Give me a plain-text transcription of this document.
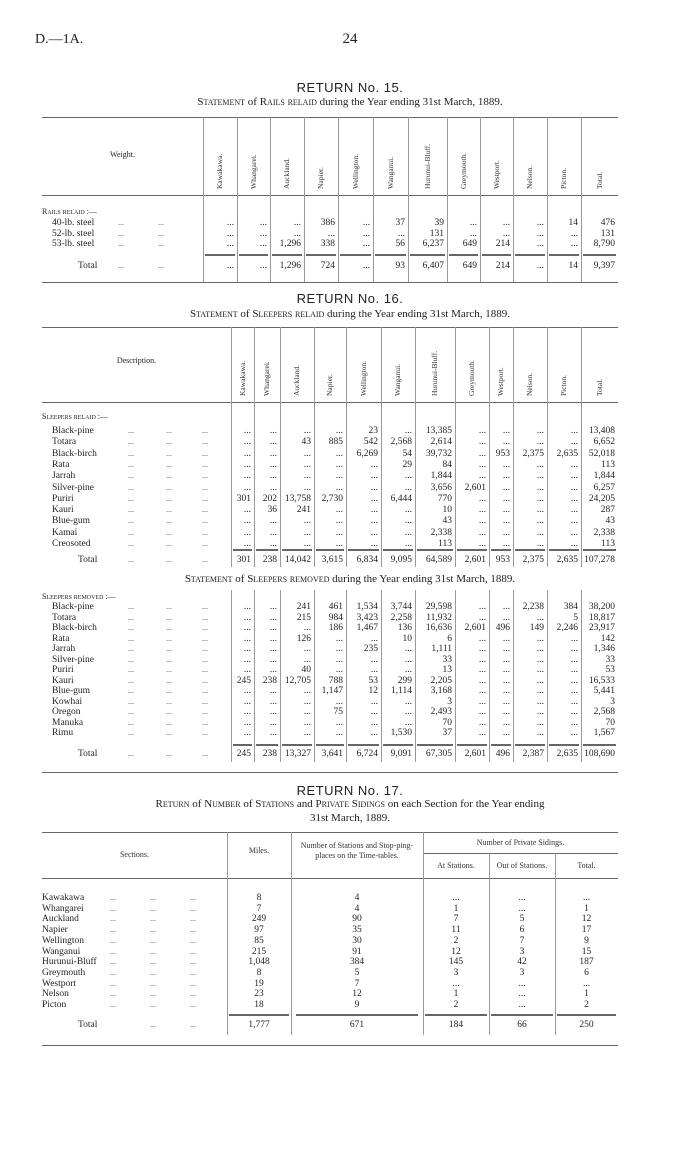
D.—1A.	24
RETURN No. 15.
Statement of Rails relaid during the Year ending 31st March, 1889.
Weight.	Kawakawa.	Whangarei.	Auckland.	Napier.	Wellington.	Wanganui.	Hurunui-Bluff.	Greymouth.	Westport.	Nelson.	Picton.	Total.
Rails relaid :—
40-lb. steel	...	...	...	...	...	386	...	37	39	...	...	...	14	476
52-lb. steel	...	...	...	...	...	...	...	...	131	...	...	...	...	131
53-lb. steel	...	...	...	...	1,296	338	...	56	6,237	649	214	...	...	8,790
Total	...	...	...	...	1,296	724	...	93	6,407	649	214	...	14	9,397
RETURN No. 16.
Statement of Sleepers relaid during the Year ending 31st March, 1889.
Description.
Kawakawa. Whangarei.	Auckland.	Napier.	Wellington.	Wanganui.	Hurunui-Bluff.	Greymouth.	Westport.	Nelson.	Picton.	Total.
Sleepers relaid :—
Black-pine	...	...	...	...	...	...	...	23	...	13,385	...	...	...	...	13,408
Totara	...	...	...	...	...	43	885	542	2,568	2,614	...	...	...	...	6,652
Black-birch	...	...	...	...	...	...	...	6,269	54	39,732	...	953	2,375	2,635	52,018
Rata	...	...	...	...	...	...	...	...	29	84	...	...	...	...	113
Jarrah	...	...	...	...	...	...	...	...	...	1,844	...	...	...	...	1,844
Silver-pine	...	...	...	...	...	...	...	...	...	3,656	2,601	...	...	...	6,257
Puriri	...	...	...	301	202 13,758	2,730	...	6,444	770	...	...	...	...	24,205
Kauri	...	...	...	...	36	241	...	...	...	10	...	...	...	...	287
Blue-gum	...	...	...	...	...	...	...	...	...	43	...	...	...	...	43
Kamai	...	...	...	...	...	...	...	...	...	2,338	...	...	...	...	2,338
Creosoted	...	...	...	...	...	...	...	...	...	113	...	...	...	...	113
Total	...	...	...	301	238 14,042	3,615	6,834	9,095	64,589	2,601	953	2,375	2,635 107,278
Statement of Sleepers removed during the Year ending 31st March, 1889.
Sleepers removed :—
Black-pine	...	...	...	...	...	241	461	1,534	3,744	29,598	...	...	2,238	384	38,200
Totara	...	...	...	...	...	215	984	3,423	2,258	11,932	...	...	...	5	18,817
Black-birch	...	...	...	...	...	...	186	1,467	136	16,636	2,601	496	149	2,246	23,917
Rata	...	...	...	...	...	126	...	...	10	6	...	...	...	...	142
Jarrah	...	...	...	...	...	...	...	235	...	1,111	...	...	...	...	1,346
Silver-pine	...	...	...	...	...	...	...	...	...	33	...	...	...	...	33
Puriri	...	...	...	...	...	40	...	...	...	13	...	...	...	...	53
Kauri	...	...	...	245	238 12,705	788	53	299	2,205	...	...	...	...	16,533
Blue-gum	...	...	...	...	...	...	1,147	12	1,114	3,168	...	...	...	...	5,441
Kowhai	...	...	...	...	...	...	...	...	...	3	...	...	...	...	3
Oregon	...	...	...	...	...	...	75	...	...	2,493	...	...	...	...	2,568
Manuka	...	...	...	...	...	...	...	...	...	70	...	...	...	...	70
Rimu	...	...	...	...	...	...	...	...	1,530	37	...	...	...	...	1,567
Total	...	...	...	245	238 13,327	3,641	6,724	9,091	67,305	2,601	496	2,387	2,635 108,690
RETURN No. 17.
Return of Number of Stations and Private Sidings on each Section for the Year ending
31st March, 1889.
Sections.	Miles.
Number of Stations and Stop-ping-places on the Time-tables.
Number of Private Sidings.
At Stations.	Out of Stations.	Total.
Kawakawa	...	...	...	8	4	...	...	...
Whangarei	...	...	...	7	4	1	...	1
Auckland	...	...	...	249	90	7	5	12
Napier	...	...	...	97	35	11	6	17
Wellington	...	...	...	85	30	2	7	9
Wanganui	...	...	...	215	91	12	3	15
Hurunui-Bluff ...	...	...	1,048	384	145	42	187
Greymouth	...	...	...	8	5	3	3	6
Westport	...	...	...	19	7	...	...	...
Nelson	...	...	...	23	12	1	...	1
Picton	...	...	...	18	9	2	...	2
Total	...	...	1,777	671	184	66	250
